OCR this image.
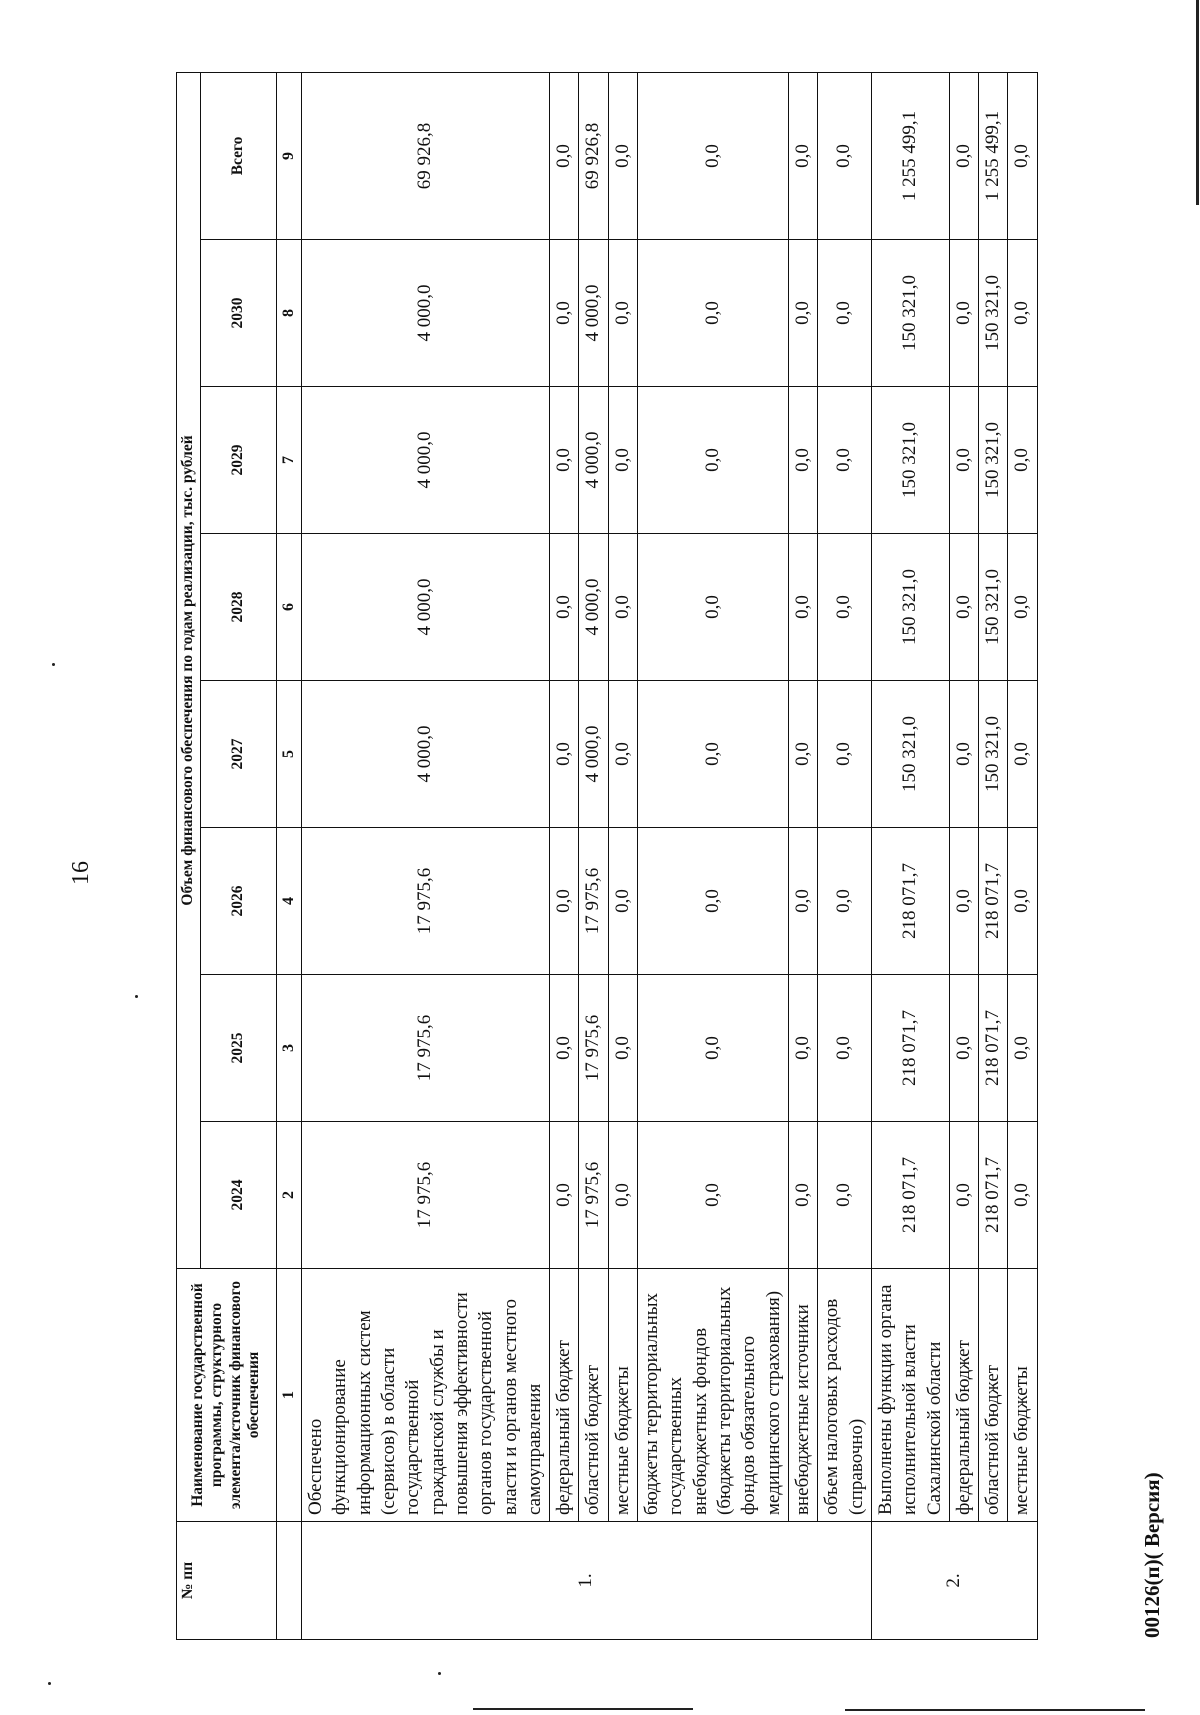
16
00126(п)( Версия)
№ пп	Наименование государственной программы, структурного элемента/источник финансового обеспечения	Объем финансового обеспечения по годам реализации, тыс. рублей							
		2024	2025	2026	2027	2028	2029	2030	Всего
	1	2	3	4	5	6	7	8	9
1.	Обеспечено функционирование информационных систем (сервисов) в области государственной гражданской службы и повышения эффективности органов государственной власти и органов местного самоуправления	17 975,6	17 975,6	17 975,6	4 000,0	4 000,0	4 000,0	4 000,0	69 926,8
	федеральный бюджет	0,0	0,0	0,0	0,0	0,0	0,0	0,0	0,0
	областной бюджет	17 975,6	17 975,6	17 975,6	4 000,0	4 000,0	4 000,0	4 000,0	69 926,8
	местные бюджеты	0,0	0,0	0,0	0,0	0,0	0,0	0,0	0,0
	бюджеты территориальных государственных внебюджетных фондов (бюджеты территориальных фондов обязательного медицинского страхования)	0,0	0,0	0,0	0,0	0,0	0,0	0,0	0,0
	внебюджетные источники	0,0	0,0	0,0	0,0	0,0	0,0	0,0	0,0
	объем налоговых расходов (справочно)	0,0	0,0	0,0	0,0	0,0	0,0	0,0	0,0
2.	Выполнены функции органа исполнительной власти Сахалинской области	218 071,7	218 071,7	218 071,7	150 321,0	150 321,0	150 321,0	150 321,0	1 255 499,1
	федеральный бюджет	0,0	0,0	0,0	0,0	0,0	0,0	0,0	0,0
	областной бюджет	218 071,7	218 071,7	218 071,7	150 321,0	150 321,0	150 321,0	150 321,0	1 255 499,1
	местные бюджеты	0,0	0,0	0,0	0,0	0,0	0,0	0,0	0,0
